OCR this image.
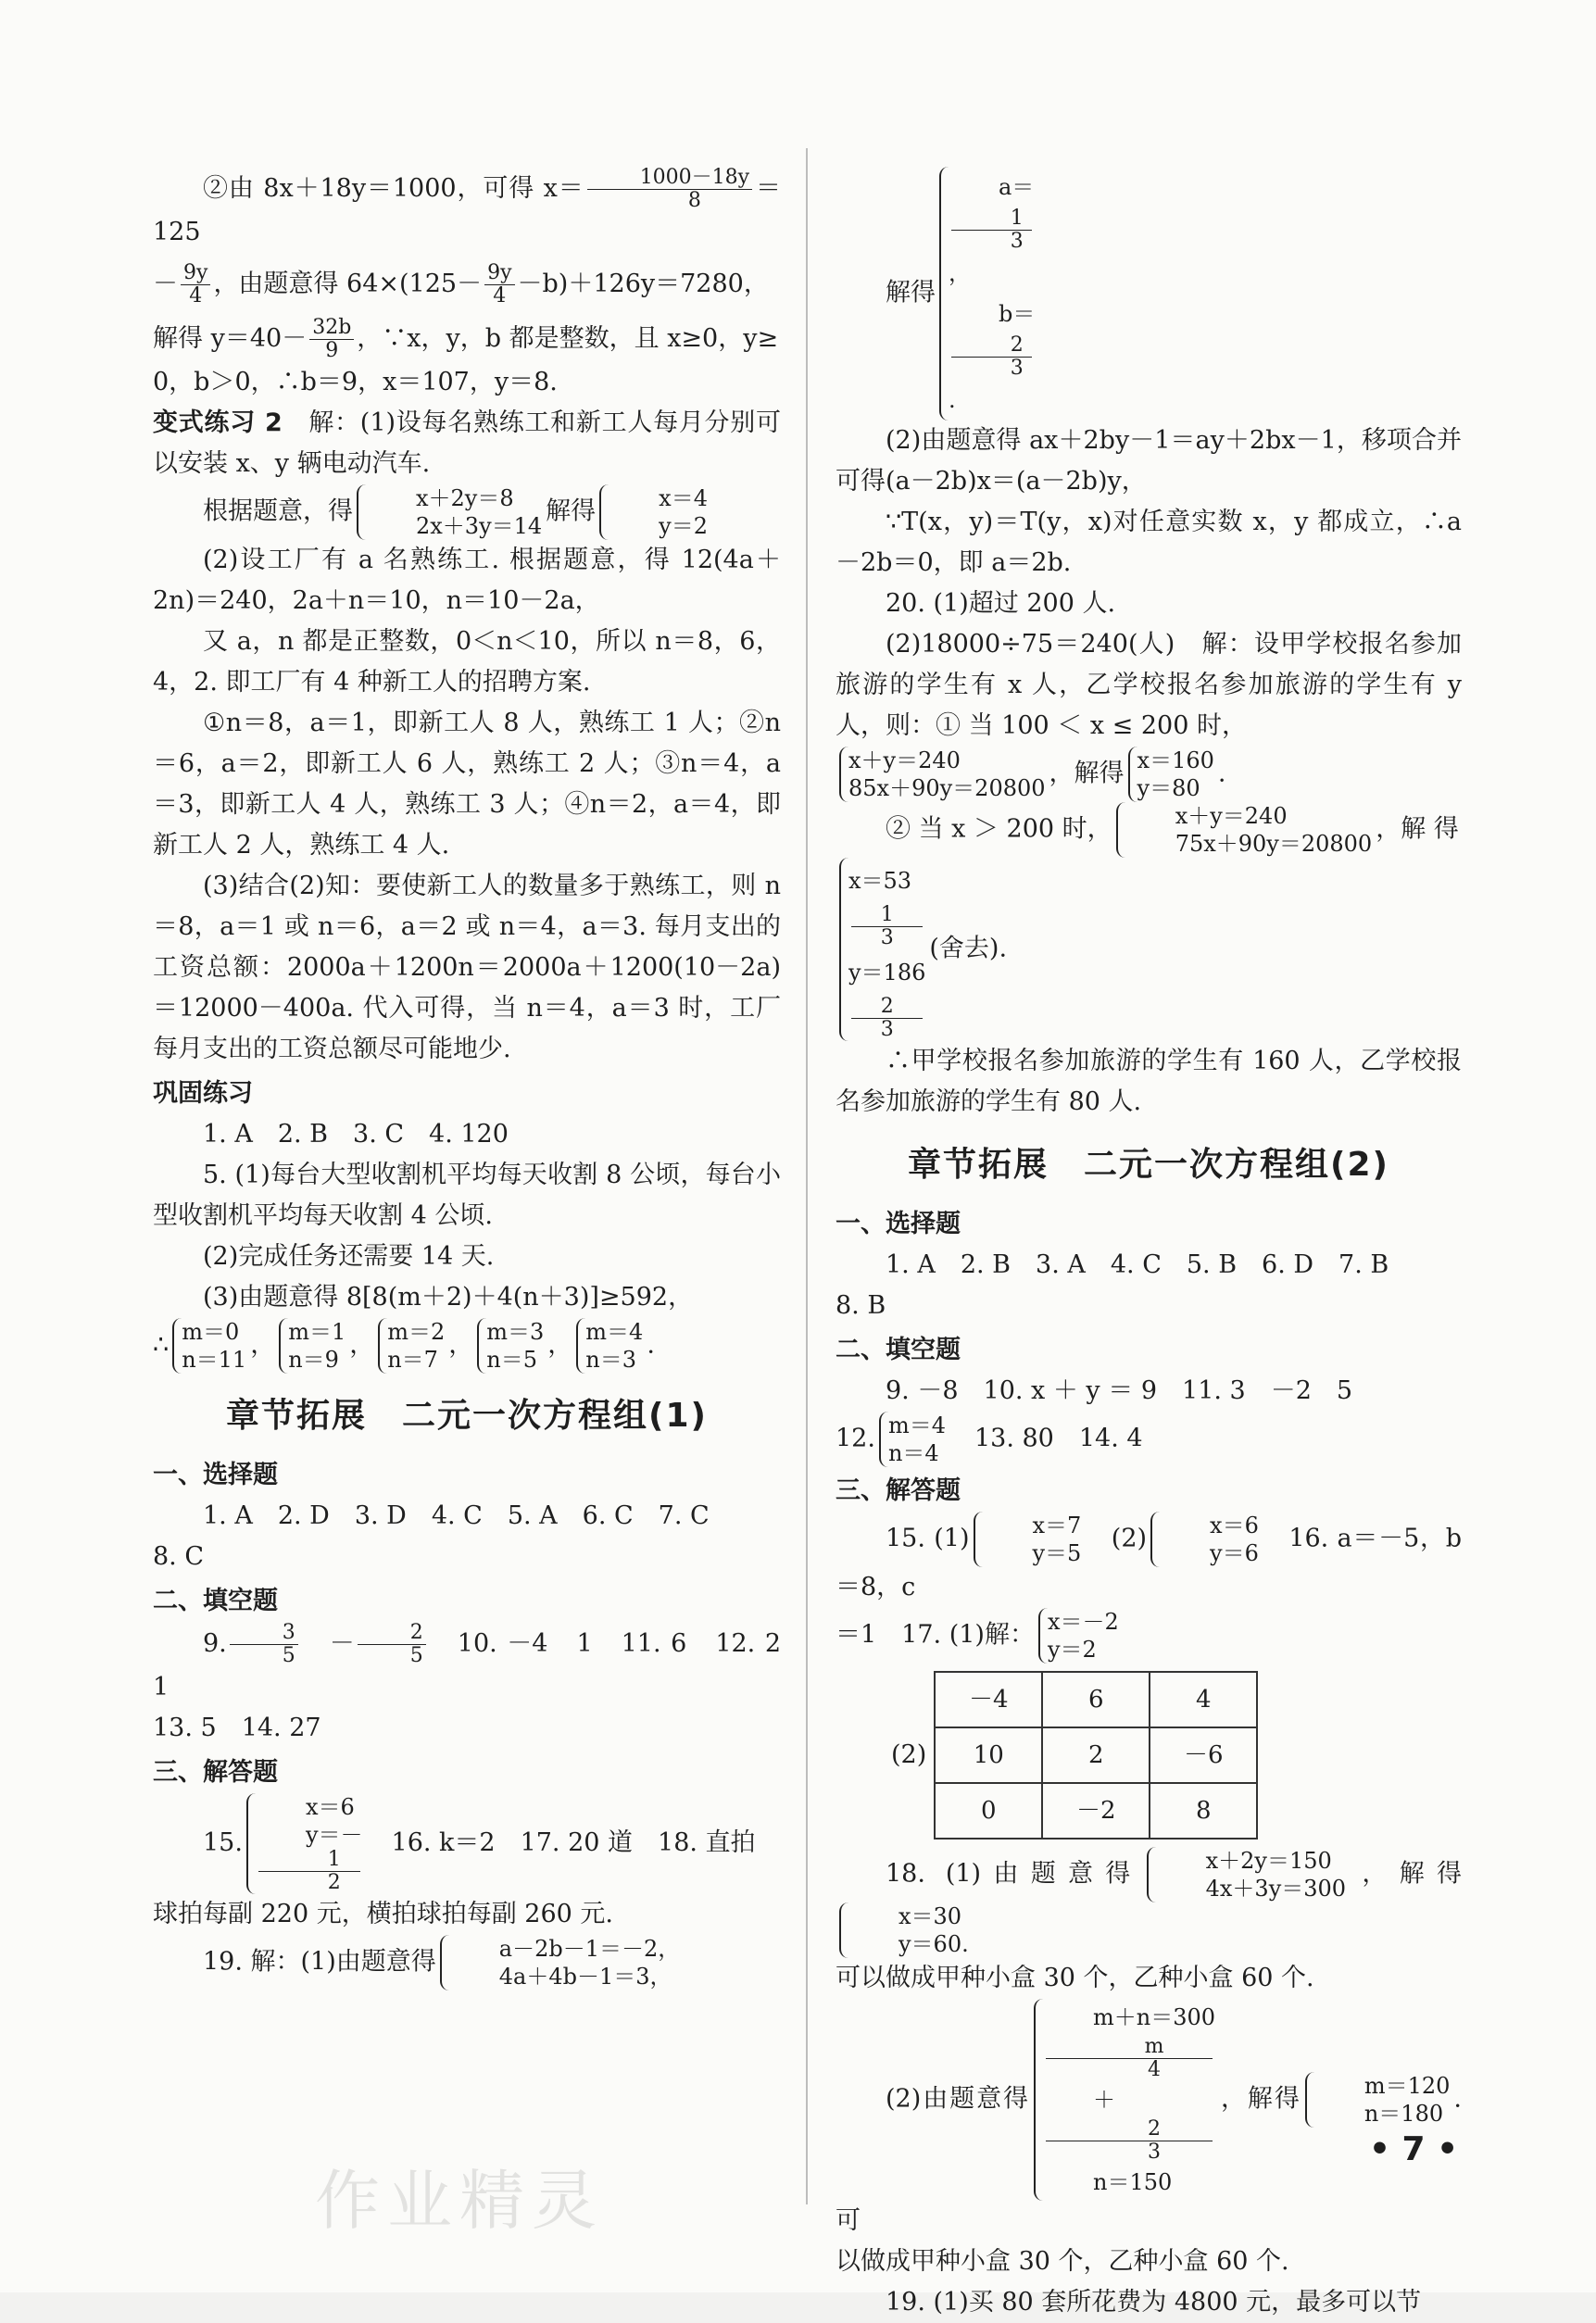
②由 8x＋18y＝1000，可得 $x= \frac{1000-18y}{8} =125$

－ $\frac{9y}{4}$ ，由题意得 $64\times(125- \frac{9y}{4} -b)+126y=7280$，

解得 $y=40- \frac{32b}{9}$ ，∵x，y，b 都是整数，且 x≥0，y≥

0，b＞0，∴b＝9，x＝107，y＝8.

变式练习 2　 解：(1)设每名熟练工和新工人每月分别可以安装 x、y 辆电动汽车.

根据题意，得	x＋2y＝8
2x＋3y＝14
解得	x＝4
y＝2

(2)设工厂有 a 名熟练工. 根据题意，得 12(4a＋2n)＝240，2a＋n＝10，n＝10－2a，

又 a，n 都是正整数，0＜n＜10，所以 n＝8，6，4，2. 即工厂有 4 种新工人的招聘方案.

①n＝8，a＝1，即新工人 8 人，熟练工 1 人；②n＝6，a＝2，即新工人 6 人，熟练工 2 人；③n＝4，a＝3，即新工人 4 人，熟练工 3 人；④n＝2，a＝4，即新工人 2 人，熟练工 4 人.

(3)结合(2)知：要使新工人的数量多于熟练工，则 n＝8，a＝1 或 n＝6，a＝2 或 n＝4，a＝3. 每月支出的工资总额：2000a＋1200n＝2000a＋1200(10－2a)＝12000－400a. 代入可得，当 n＝4，a＝3 时，工厂每月支出的工资总额尽可能地少.

巩固练习

1. A　2. B　3. C　4. 120

5. (1)每台大型收割机平均每天收割 8 公顷，每台小型收割机平均每天收割 4 公顷.

(2)完成任务还需要 14 天.

(3)由题意得 8[8(m＋2)＋4(n＋3)]≥592，

∴ m＝0
n＝11
， m＝1
n＝9
， m＝2
n＝7
， m＝3
n＝5
， m＝4
n＝3
.

章节拓展　二元一次方程组(1)

一、选择题

1. A　2. D　3. D　4. C　5. A　6. C　7. C

8. C

二、填空题

9. $\frac{3}{5}$
　 － $\frac{2}{5}$
　 10. －4　1　11. 6　12. 2　1

13. 5　14. 27

三、解答题

15.
x＝6
y＝－
1
2
　16. k＝2　17. 20 道　18. 直拍

球拍每副 220 元，横拍球拍每副 260 元.

19. 解：(1)由题意得	a－2b－1＝－2，
4a＋4b－1＝3，

解得
a＝
1
3
，
b＝
2
3
.

(2)由题意得 ax＋2by－1＝ay＋2bx－1，移项合并可得(a－2b)x＝(a－2b)y，

∵T(x，y)＝T(y，x)对任意实数 x，y 都成立，∴a－2b＝0，即 a＝2b.

20. (1)超过 200 人.

(2)18000÷75＝240(人)　解：设甲学校报名参加旅游的学生有 x 人，乙学校报名参加旅游的学生有 y 人，则：① 当 100 ＜ x ≤ 200 时，

x＋y＝240
85x＋90y＝20800
，解得 x＝160
y＝80
.

② 当 x ＞ 200 时，	x＋y＝240
75x＋90y＝20800
，解 得

x＝53
1
3
y＝186
2
3
(舍去).

∴甲学校报名参加旅游的学生有 160 人，乙学校报名参加旅游的学生有 80 人.

章节拓展　二元一次方程组(2)

一、选择题

1. A　2. B　3. A　4. C　5. B　6. D　7. B

8. B

二、填空题

9. －8　10. x ＋ y ＝ 9　11. 3　－2　5

12. m＝4
n＝4
　13. 80　14. 4

三、解答题

15. (1)	x＝7
y＝5
　(2)	x＝6
y＝6
　16. a＝－5，b＝8，c

＝1　17. (1)解： x＝－2
y＝2

(2)
－4	6	4
10	2	－6
0	－2	8

18. (1)由题意得	x＋2y＝150
4x＋3y＝300
，解得
x＝30
y＝60.

可以做成甲种小盒 30 个，乙种小盒 60 个.

(2)由题意得
m＋n＝300
m
4
＋
2
3
n＝150
，解得	m＝120
n＝180
. 可

以做成甲种小盒 30 个，乙种小盒 60 个.

19. (1)买 80 套所花费为 4800 元，最多可以节

• 7 •
作业精灵
